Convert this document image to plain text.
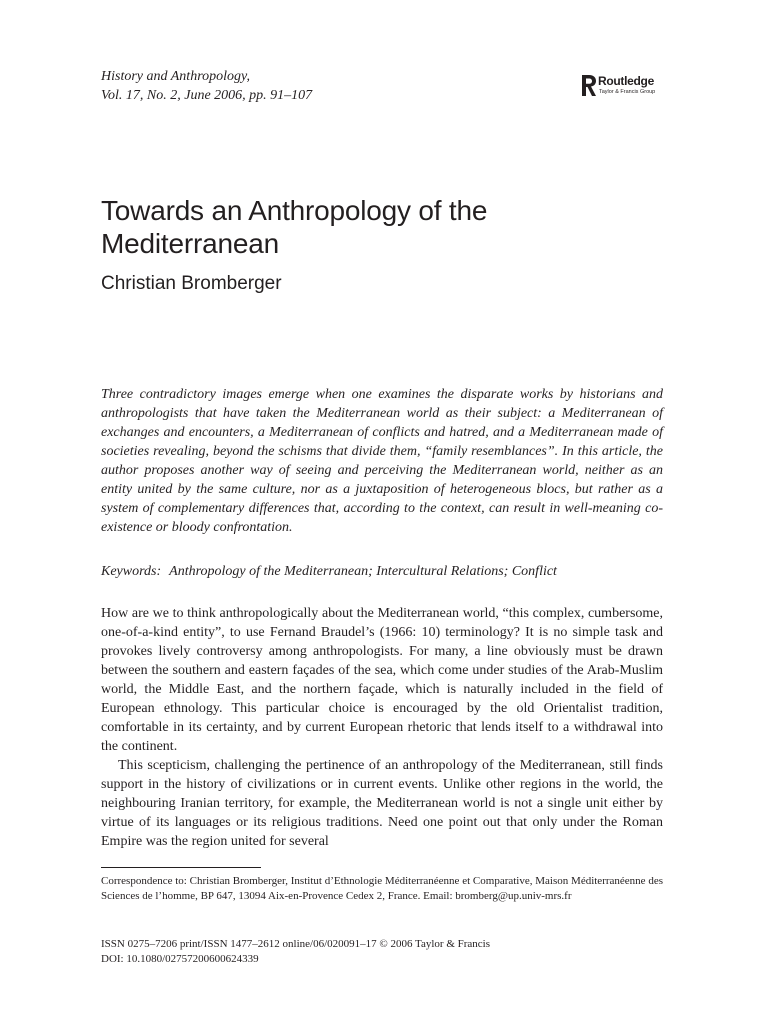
History and Anthropology,
Vol. 17, No. 2, June 2006, pp. 91–107
Routledge
Taylor & Francis Group
Towards an Anthropology of the Mediterranean
Christian Bromberger

Three contradictory images emerge when one examines the disparate works by historians and anthropologists that have taken the Mediterranean world as their subject: a Mediterranean of exchanges and encounters, a Mediterranean of conflicts and hatred, and a Mediterranean made of societies revealing, beyond the schisms that divide them, “family resemblances”. In this article, the author proposes another way of seeing and perceiving the Mediterranean world, neither as an entity united by the same culture, nor as a juxtaposition of heterogeneous blocs, but rather as a system of complementary differences that, according to the context, can result in well-meaning co-existence or bloody confrontation.

Keywords: Anthropology of the Mediterranean; Intercultural Relations; Conflict

How are we to think anthropologically about the Mediterranean world, “this complex, cumbersome, one-of-a-kind entity”, to use Fernand Braudel’s (1966: 10) terminology? It is no simple task and provokes lively controversy among anthropologists. For many, a line obviously must be drawn between the southern and eastern façades of the sea, which come under studies of the Arab-Muslim world, the Middle East, and the northern façade, which is naturally included in the field of European ethnology. This particular choice is encouraged by the old Orientalist tradition, comfortable in its certainty, and by current European rhetoric that lends itself to a withdrawal into the continent.

This scepticism, challenging the pertinence of an anthropology of the Mediterranean, still finds support in the history of civilizations or in current events. Unlike other regions in the world, the neighbouring Iranian territory, for example, the Mediterranean world is not a single unit either by virtue of its languages or its religious traditions. Need one point out that only under the Roman Empire was the region united for several

Correspondence to: Christian Bromberger, Institut d’Ethnologie Méditerranéenne et Comparative, Maison Méditerranéenne des Sciences de l’homme, BP 647, 13094 Aix-en-Provence Cedex 2, France. Email: bromberg@up.univ-mrs.fr
ISSN 0275–7206 print/ISSN 1477–2612 online/06/020091–17 © 2006 Taylor & Francis
DOI: 10.1080/02757200600624339
